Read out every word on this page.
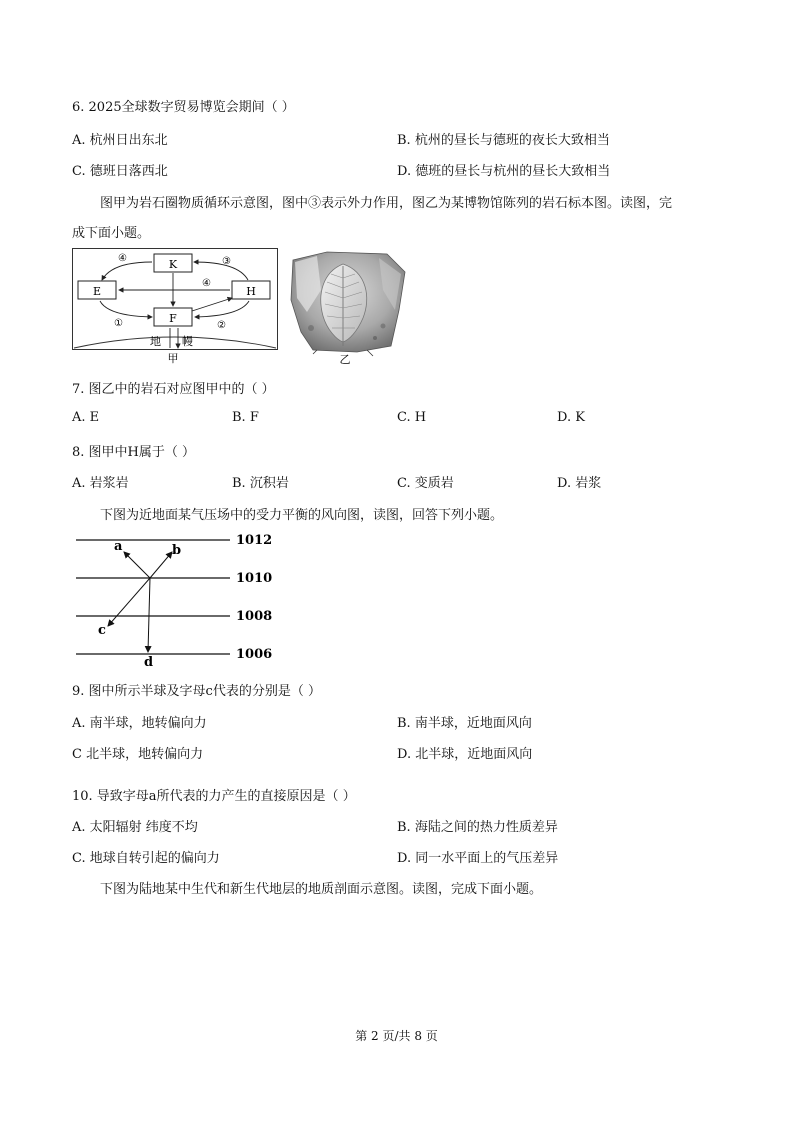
6. 2025全球数字贸易博览会期间（ ）
A. 杭州日出东北	B. 杭州的昼长与德班的夜长大致相当
C. 德班日落西北	D. 德班的昼长与杭州的昼长大致相当
图甲为岩石圈物质循环示意图，图中③表示外力作用，图乙为某博物馆陈列的岩石标本图。读图，完
成下面小题。
K
E	H
F
④	③
④
①	②
地 幔
甲	乙
7. 图乙中的岩石对应图甲中的（ ）
A. E	B. F	C. H	D. K
8. 图甲中H属于（ ）
A. 岩浆岩	B. 沉积岩	C. 变质岩	D. 岩浆
下图为近地面某气压场中的受力平衡的风向图，读图，回答下列小题。
1012
1010
1008
1006
a	b
c
d
9. 图中所示半球及字母c代表的分别是（ ）
A. 南半球，地转偏向力	B. 南半球，近地面风向
C 北半球，地转偏向力	D. 北半球，近地面风向
10. 导致字母a所代表的力产生的直接原因是（ ）
A. 太阳辐射 纬度不均	B. 海陆之间的热力性质差异
C. 地球自转引起的偏向力	D. 同一水平面上的气压差异
下图为陆地某中生代和新生代地层的地质剖面示意图。读图，完成下面小题。
第 2 页/共 8 页
